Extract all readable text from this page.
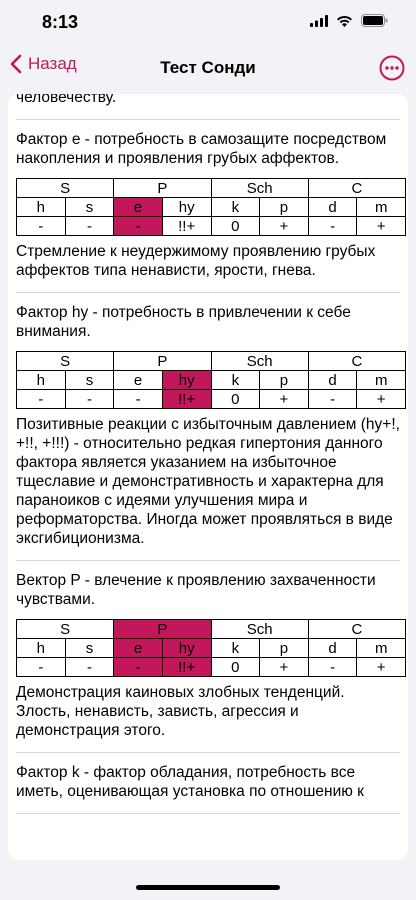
8:13
Назад	Тест Сонди
человечеству.
Фактор e - потребность в самозащите посредством накопления и проявления грубых аффектов.
S		P		Sch		C	
h	s	e	hy	k	p	d	m
-	-	-	!!+	0	+	-	+
Стремление к неудержимому проявлению грубых аффектов типа ненависти, ярости, гнева.
Фактор hy - потребность в привлечении к себе внимания.
S		P		Sch		C	
h	s	e	hy	k	p	d	m
-	-	-	!!+	0	+	-	+
Позитивные реакции с избыточным давлением (hy+!, +!!, +!!!) - относительно редкая гипертония данного фактора является указанием на избыточное тщеславие и демонстративность и характерна для параноиков с идеями улучшения мира и реформаторства. Иногда может проявляться в виде эксгибиционизма.
Вектор P - влечение к проявлению захваченности чувствами.
S		P		Sch		C	
h	s	e	hy	k	p	d	m
-	-	-	!!+	0	+	-	+
Демонстрация каиновых злобных тенденций. Злость, ненависть, зависть, агрессия и демонстрация этого.
Фактор k - фактор обладания, потребность все иметь, оценивающая установка по отношению к
